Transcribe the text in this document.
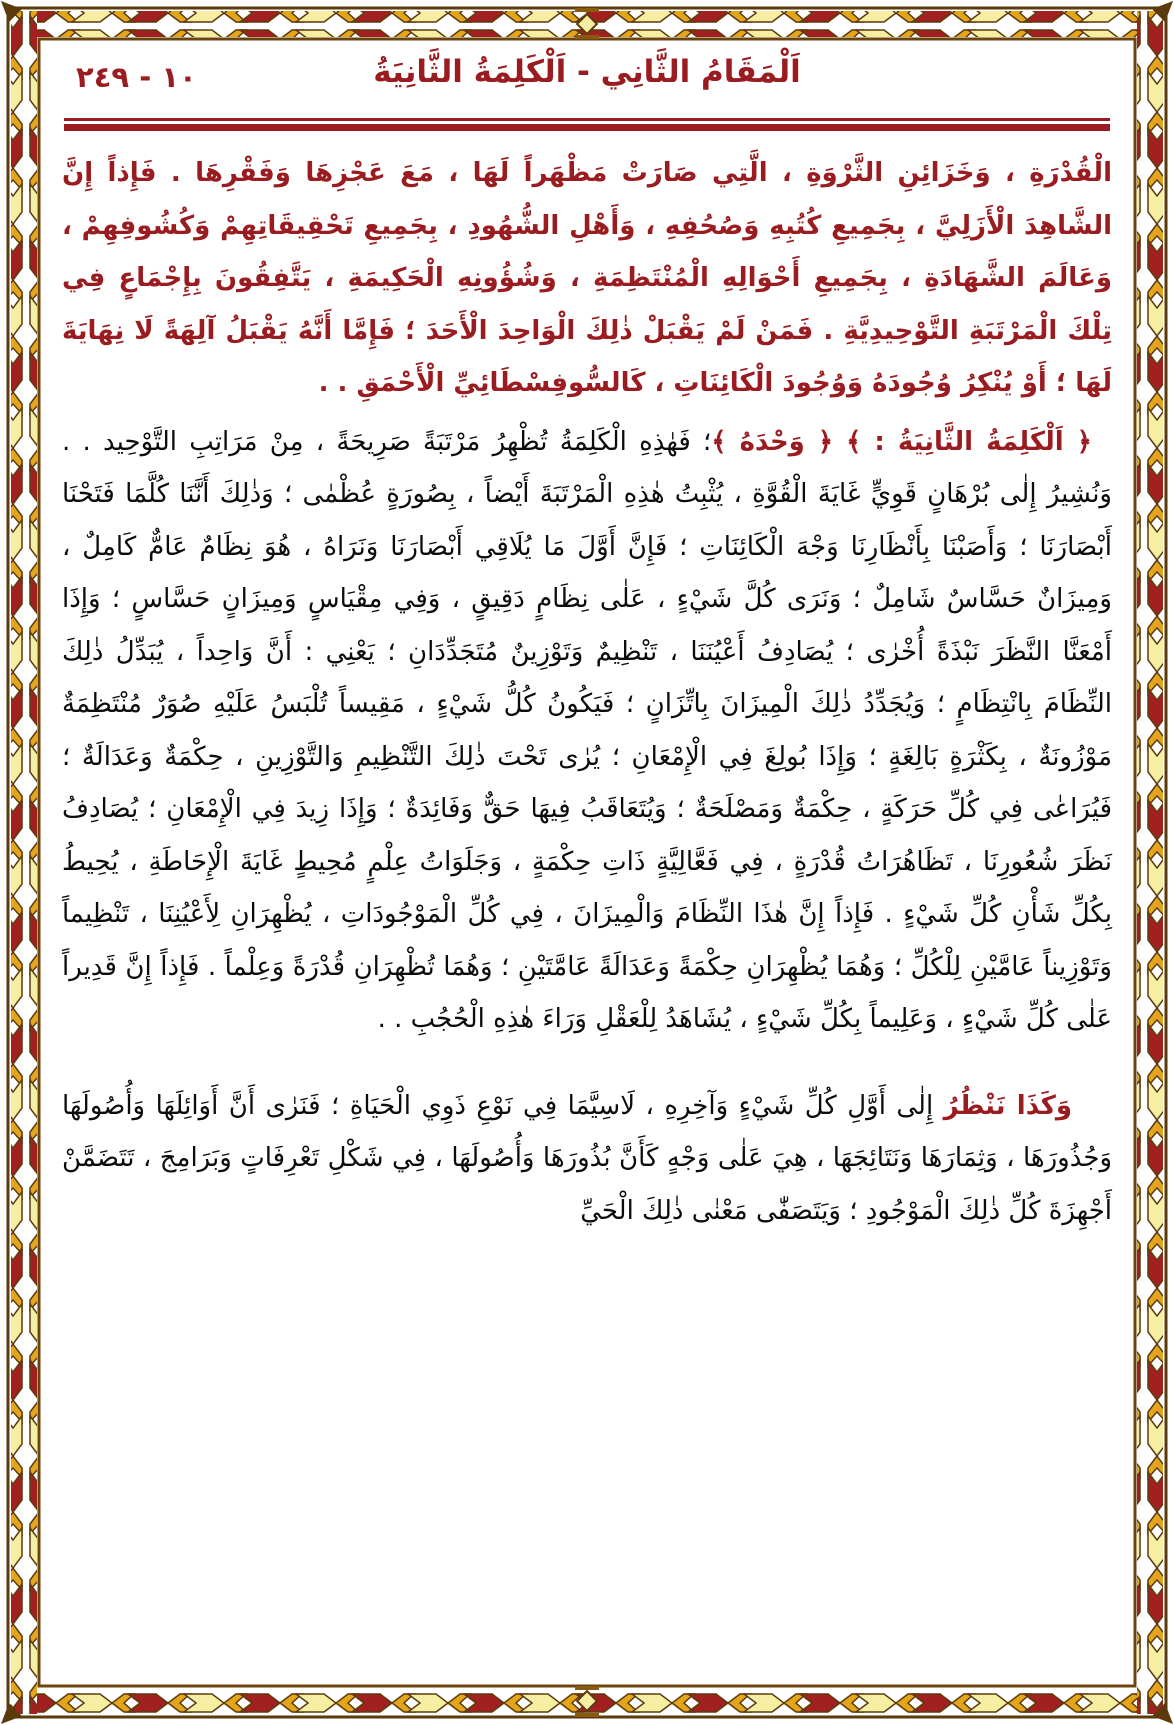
١٠ - ٢٤٩	اَلْمَقَامُ الثَّانِي - اَلْكَلِمَةُ الثَّانِيَةُ

الْقُدْرَةِ ، وَخَزَائِنِ الثَّرْوَةِ ، الَّتِي صَارَتْ مَظْهَراً لَهَا ، مَعَ عَجْزِهَا وَفَقْرِهَا . فَإِذاً إِنَّ الشَّاهِدَ الْأَزَلِيَّ ، بِجَمِيعِ كُتُبِهِ وَصُحُفِهِ ، وَأَهْلِ الشُّهُودِ ، بِجَمِيعِ تَحْقِيقَاتِهِمْ وَكُشُوفِهِمْ ، وَعَالَمَ الشَّهَادَةِ ، بِجَمِيعِ أَحْوَالِهِ الْمُنْتَظِمَةِ ، وَشُؤُونِهِ الْحَكِيمَةِ ، يَتَّفِقُونَ بِإِجْمَاعٍ فِي تِلْكَ الْمَرْتَبَةِ التَّوْحِيدِيَّةِ . فَمَنْ لَمْ يَقْبَلْ ذٰلِكَ الْوَاحِدَ الْأَحَدَ ؛ فَإِمَّا أَنَّهُ يَقْبَلُ آلِهَةً لَا نِهَايَةَ لَهَا ؛ أَوْ يُنْكِرُ وُجُودَهُ وَوُجُودَ الْكَائِنَاتِ ، كَالسُّوفِسْطَائِيِّ الْأَحْمَقِ . .

﴿ اَلْكَلِمَةُ الثَّانِيَةُ : ﴾ ﴿ وَحْدَهُ ﴾؛ فَهٰذِهِ الْكَلِمَةُ تُظْهِرُ مَرْتَبَةً صَرِيحَةً ، مِنْ مَرَاتِبِ التَّوْحِيد . . وَنُشِيرُ إِلٰى بُرْهَانٍ قَوِيٍّ غَايَةَ الْقُوَّةِ ، يُثْبِتُ هٰذِهِ الْمَرْتَبَةَ أَيْضاً ، بِصُورَةٍ عُظْمٰى ؛ وَذٰلِكَ أَنَّنَا كُلَّمَا فَتَحْنَا أَبْصَارَنَا ؛ وَأَصَبْنَا بِأَنْظَارِنَا وَجْهَ الْكَائِنَاتِ ؛ فَإِنَّ أَوَّلَ مَا يُلَاقِي أَبْصَارَنَا وَنَرَاهُ ، هُوَ نِظَامٌ عَامٌّ كَامِلٌ ، وَمِيزَانٌ حَسَّاسٌ شَامِلٌ ؛ وَنَرَى كُلَّ شَيْءٍ ، عَلٰى نِظَامٍ دَقِيقٍ ، وَفِي مِقْيَاسٍ وَمِيزَانٍ حَسَّاسٍ ؛ وَإِذَا أَمْعَنَّا النَّظَرَ نَبْذَةً أُخْرٰى ؛ يُصَادِفُ أَعْيُنَنَا ، تَنْظِيمٌ وَتَوْزِينٌ مُتَجَدِّدَانِ ؛ يَعْنِي : أَنَّ وَاحِداً ، يُبَدِّلُ ذٰلِكَ النِّظَامَ بِانْتِظَامٍ ؛ وَيُجَدِّدُ ذٰلِكَ الْمِيزَانَ بِاتِّزَانٍ ؛ فَيَكُونُ كُلُّ شَيْءٍ ، مَقِيساً تُلْبَسُ عَلَيْهِ صُوَرٌ مُنْتَظِمَةٌ مَوْزُونَةٌ ، بِكَثْرَةٍ بَالِغَةٍ ؛ وَإِذَا بُولِغَ فِي الْإِمْعَانِ ؛ يُرٰى تَحْتَ ذٰلِكَ التَّنْظِيمِ وَالتَّوْزِينِ ، حِكْمَةٌ وَعَدَالَةٌ ؛ فَيُرَاعٰى فِي كُلِّ حَرَكَةٍ ، حِكْمَةٌ وَمَصْلَحَةٌ ؛ وَيُتَعَاقَبُ فِيهَا حَقٌّ وَفَائِدَةٌ ؛ وَإِذَا زِيدَ فِي الْإِمْعَانِ ؛ يُصَادِفُ نَظَرَ شُعُورِنَا ، تَظَاهُرَاتُ قُدْرَةٍ ، فِي فَعَّالِيَّةٍ ذَاتِ حِكْمَةٍ ، وَجَلَوَاتُ عِلْمٍ مُحِيطٍ غَايَةَ الْإِحَاطَةِ ، يُحِيطُ بِكُلِّ شَأْنِ كُلِّ شَيْءٍ . فَإِذاً إِنَّ هٰذَا النِّظَامَ وَالْمِيزَانَ ، فِي كُلِّ الْمَوْجُودَاتِ ، يُظْهِرَانِ لِأَعْيُنِنَا ، تَنْظِيماً وَتَوْزِيناً عَامَّيْنِ لِلْكُلِّ ؛ وَهُمَا يُظْهِرَانِ حِكْمَةً وَعَدَالَةً عَامَّتَيْنِ ؛ وَهُمَا تُظْهِرَانِ قُدْرَةً وَعِلْماً . فَإِذاً إِنَّ قَدِيراً عَلٰى كُلِّ شَيْءٍ ، وَعَلِيماً بِكُلِّ شَيْءٍ ، يُشَاهَدُ لِلْعَقْلِ وَرَاءَ هٰذِهِ الْحُجُبِ . .

وَكَذَا نَنْظُرُ إِلٰى أَوَّلِ كُلِّ شَيْءٍ وَآخِرِهِ ، لَاسِيَّمَا فِي نَوْعِ ذَوِي الْحَيَاةِ ؛ فَنَرٰى أَنَّ أَوَائِلَهَا وَأُصُولَهَا وَجُذُورَهَا ، وَثِمَارَهَا وَنَتَائِجَهَا ، هِيَ عَلٰى وَجْهٍ كَأَنَّ بُذُورَهَا وَأُصُولَهَا ، فِي شَكْلِ تَعْرِفَاتٍ وَبَرَامِجَ ، تَتَضَمَّنْ أَجْهِزَةَ كُلِّ ذٰلِكَ الْمَوْجُودِ ؛ وَيَتَصَفّٰى مَعْنٰى ذٰلِكَ الْحَيِّ
